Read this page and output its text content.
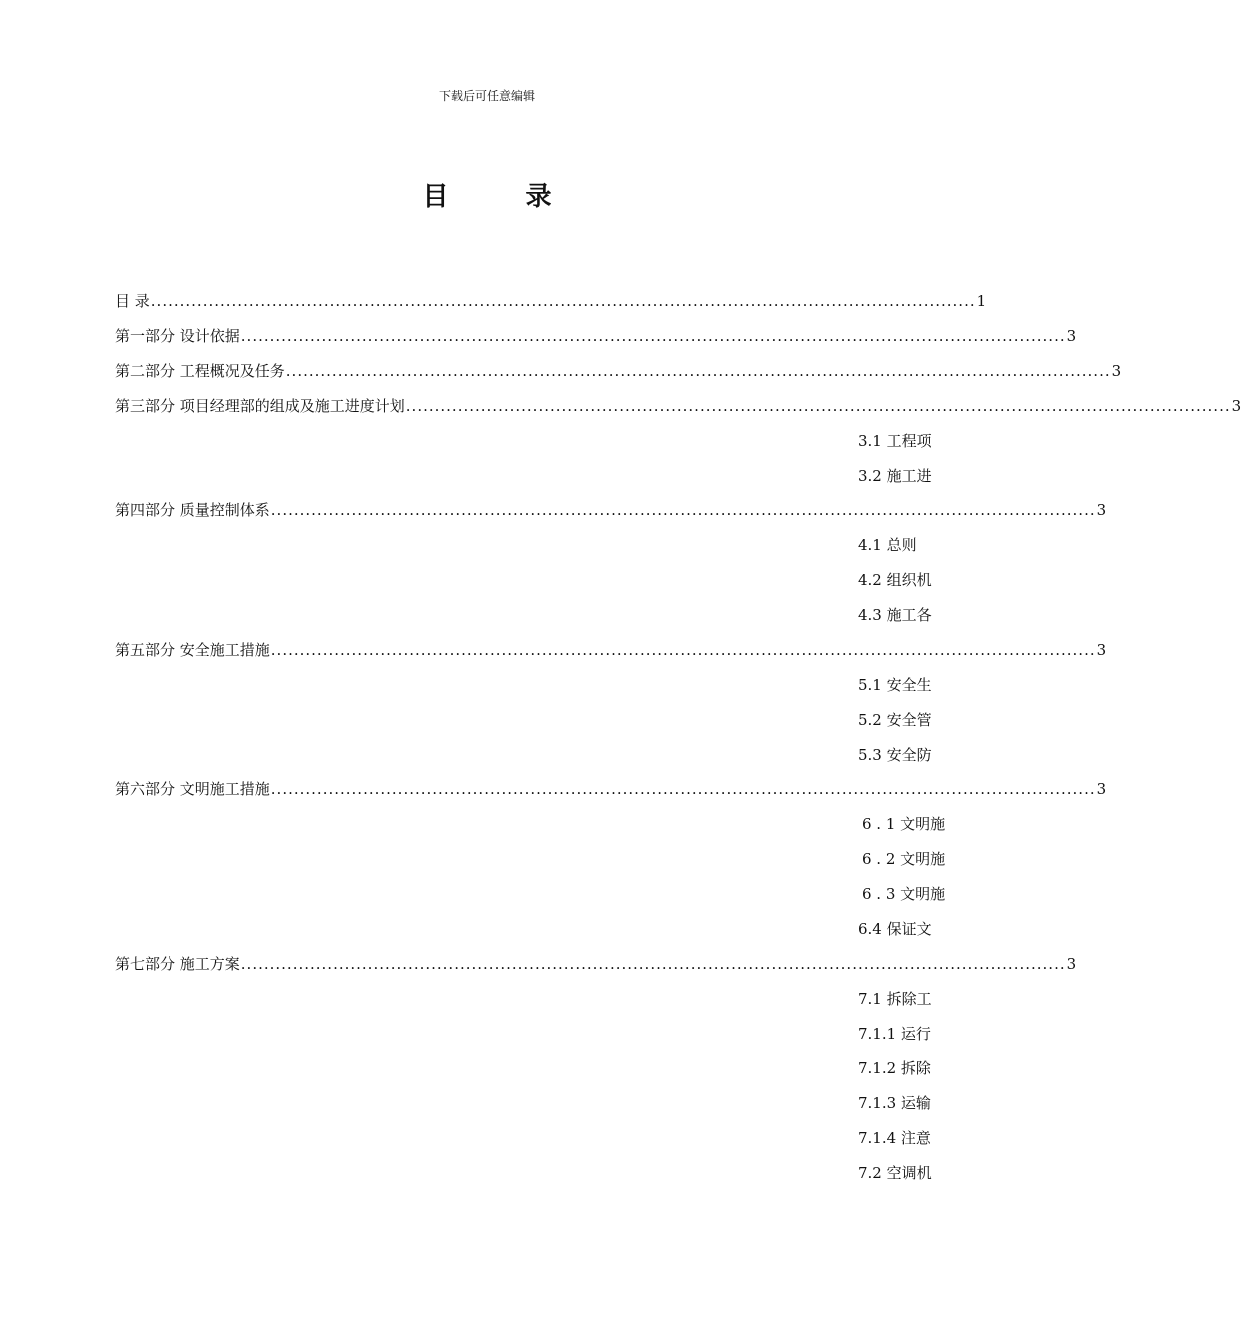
下载后可任意编辑
目 录
目 录 ............................................................................................................................................... 1
第一部分 设计依据 ............................................................................................................................................... 3
第二部分 工程概况及任务 ............................................................................................................................................... 3
第三部分 项目经理部的组成及施工进度计划 ............................................................................................................................................... 3
3.1 工程项
3.2 施工进
第四部分 质量控制体系 ............................................................................................................................................... 3
4.1 总则
4.2 组织机
4.3 施工各
第五部分 安全施工措施 ............................................................................................................................................... 3
5.1 安全生
5.2 安全管
5.3 安全防
第六部分 文明施工措施 ............................................................................................................................................... 3
6 . 1 文明施
6 . 2 文明施
6 . 3 文明施
6.4 保证文
第七部分 施工方案 ............................................................................................................................................... 3
7.1 拆除工
7.1.1 运行
7.1.2 拆除
7.1.3 运输
7.1.4 注意
7.2 空调机
